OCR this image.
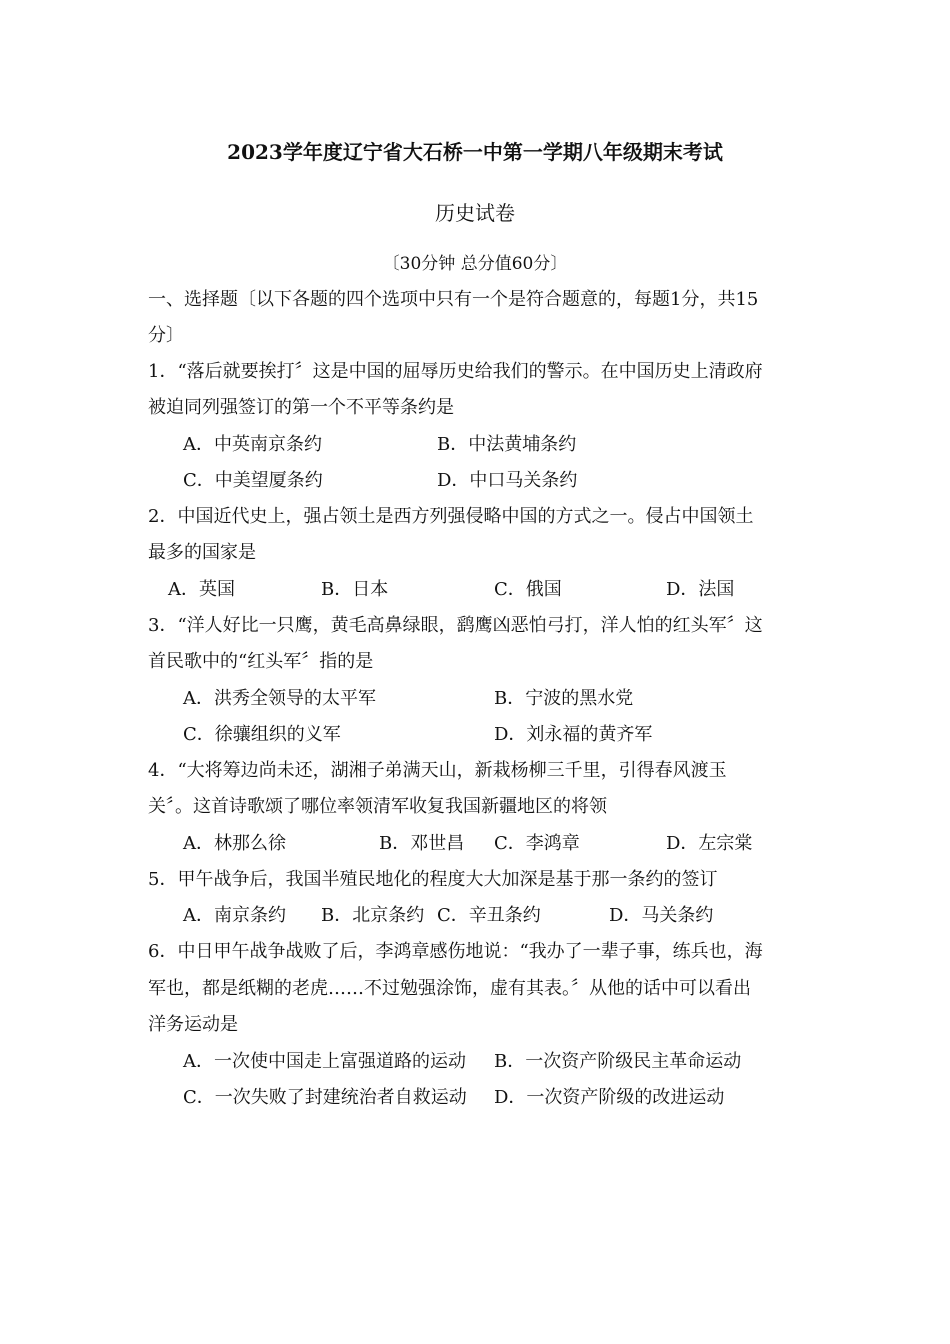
2023学年度辽宁省大石桥一中第一学期八年级期末考试
历史试卷
〔30分钟 总分值60分〕
一、选择题〔以下各题的四个选项中只有一个是符合题意的，每题1分，共15
分〕
1．“落后就要挨打〞这是中国的屈辱历史给我们的警示。在中国历史上清政府
被迫同列强签订的第一个不平等条约是
A．中英南京条约	B．中法黄埔条约
C．中美望厦条约	D．中口马关条约
2．中国近代史上，强占领土是西方列强侵略中国的方式之一。侵占中国领土
最多的国家是
A．英国	B．日本	C．俄国	D．法国
3．“洋人好比一只鹰，黄毛高鼻绿眼，鹞鹰凶恶怕弓打，洋人怕的红头军〞这
首民歌中的“红头军〞指的是
A．洪秀全领导的太平军	B．宁波的黑水党
C．徐骧组织的义军	D．刘永福的黄齐军
4．“大将筹边尚未还，湖湘子弟满天山，新栽杨柳三千里，引得春风渡玉
关〞。这首诗歌颂了哪位率领清军收复我国新疆地区的将领
A．林那么徐	B．邓世昌 C．李鸿章	D．左宗棠
5．甲午战争后，我国半殖民地化的程度大大加深是基于那一条约的签订
A．南京条约 B．北京条约 C．辛丑条约	D．马关条约
6．中日甲午战争战败了后，李鸿章感伤地说：“我办了一辈子事，练兵也，海
军也，都是纸糊的老虎……不过勉强涂饰，虚有其表。〞从他的话中可以看出
洋务运动是
A．一次使中国走上富强道路的运动 B．一次资产阶级民主革命运动
C．一次失败了封建统治者自救运动 D．一次资产阶级的改进运动
